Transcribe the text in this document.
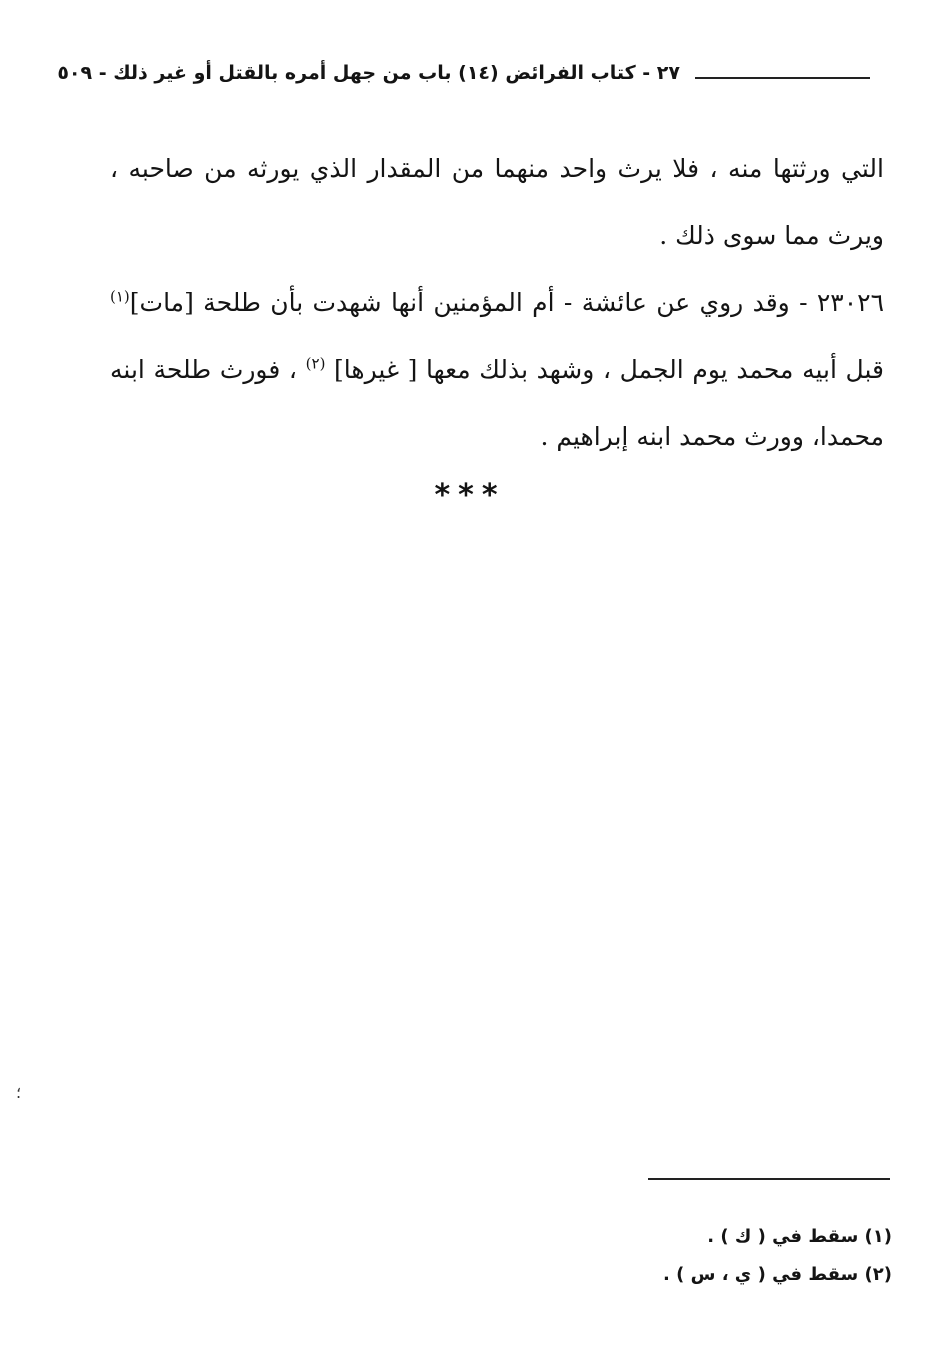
٢٧ - كتاب الفرائض (١٤) باب من جهل أمره بالقتل أو غير ذلك - ٥٠٩

التي ورثتها منه ، فلا يرث واحد منهما من المقدار الذي يورثه من صاحبه ، ويرث مما سوى ذلك .

٢٣٠٢٦ - وقد روي عن عائشة - أم المؤمنين أنها شهدت بأن طلحة [مات]$^{(١)}$ قبل أبيه محمد يوم الجمل ، وشهد بذلك معها [ غيرها] $^{(٢)}$ ، فورث طلحة ابنه محمدا، وورث محمد ابنه إبراهيم .

***
؛

(١) سقط في ( ك ) .

(٢) سقط في ( ي ، س ) .
